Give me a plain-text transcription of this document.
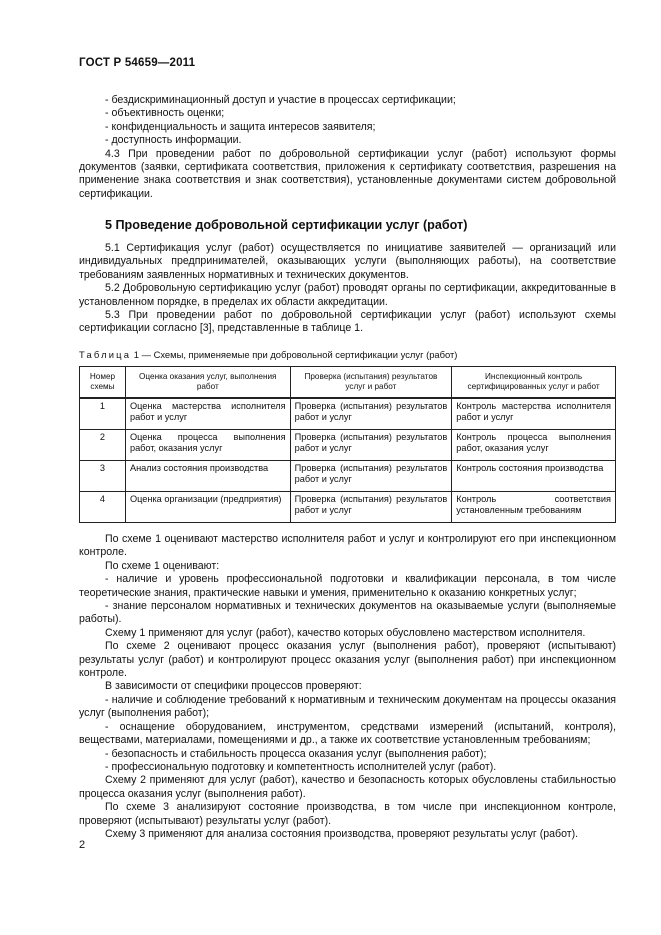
ГОСТ Р 54659—2011

- бездискриминационный доступ и участие в процессах сертификации;

- объективность оценки;

- конфиденциальность и защита интересов заявителя;

- доступность информации.

4.3 При проведении работ по добровольной сертификации услуг (работ) используют формы документов (заявки, сертификата соответствия, приложения к сертификату соответствия, разрешения на применение знака соответствия и знак соответствия), установленные документами систем добровольной сертификации.

5 Проведение добровольной сертификации услуг (работ)

5.1 Сертификация услуг (работ) осуществляется по инициативе заявителей — организаций или индивидуальных предпринимателей, оказывающих услуги (выполняющих работы), на соответствие требованиям заявленных нормативных и технических документов.

5.2 Добровольную сертификацию услуг (работ) проводят органы по сертификации, аккредитованные в установленном порядке, в пределах их области аккредитации.

5.3 При проведении работ по добровольной сертификации услуг (работ) используют схемы сертификации согласно [3], представленные в таблице 1.

Таблица 1 — Схемы, применяемые при добровольной сертификации услуг (работ)
Номер схемы	Оценка оказания услуг, выполнения работ	Проверка (испытания) результатов услуг и работ	Инспекционный контроль сертифицированных услуг и работ
1	Оценка мастерства исполнителя работ и услуг	Проверка (испытания) результатов работ и услуг	Контроль мастерства исполнителя работ и услуг
2	Оценка процесса выполнения работ, оказания услуг	Проверка (испытания) результатов работ и услуг	Контроль процесса выполнения работ, оказания услуг
3	Анализ состояния производства	Проверка (испытания) результатов работ и услуг	Контроль состояния производства
4	Оценка организации (предприятия)	Проверка (испытания) результатов работ и услуг	Контроль соответствия установленным требованиям

По схеме 1 оценивают мастерство исполнителя работ и услуг и контролируют его при инспекционном контроле.

По схеме 1 оценивают:

- наличие и уровень профессиональной подготовки и квалификации персонала, в том числе теоретические знания, практические навыки и умения, применительно к оказанию конкретных услуг;

- знание персоналом нормативных и технических документов на оказываемые услуги (выполняемые работы).

Схему 1 применяют для услуг (работ), качество которых обусловлено мастерством исполнителя.

По схеме 2 оценивают процесс оказания услуг (выполнения работ), проверяют (испытывают) результаты услуг (работ) и контролируют процесс оказания услуг (выполнения работ) при инспекционном контроле.

В зависимости от специфики процессов проверяют:

- наличие и соблюдение требований к нормативным и техническим документам на процессы оказания услуг (выполнения работ);

- оснащение оборудованием, инструментом, средствами измерений (испытаний, контроля), веществами, материалами, помещениями и др., а также их соответствие установленным требованиям;

- безопасность и стабильность процесса оказания услуг (выполнения работ);

- профессиональную подготовку и компетентность исполнителей услуг (работ).

Схему 2 применяют для услуг (работ), качество и безопасность которых обусловлены стабильностью процесса оказания услуг (выполнения работ).

По схеме 3 анализируют состояние производства, в том числе при инспекционном контроле, проверяют (испытывают) результаты услуг (работ).

Схему 3 применяют для анализа состояния производства, проверяют результаты услуг (работ).

2
